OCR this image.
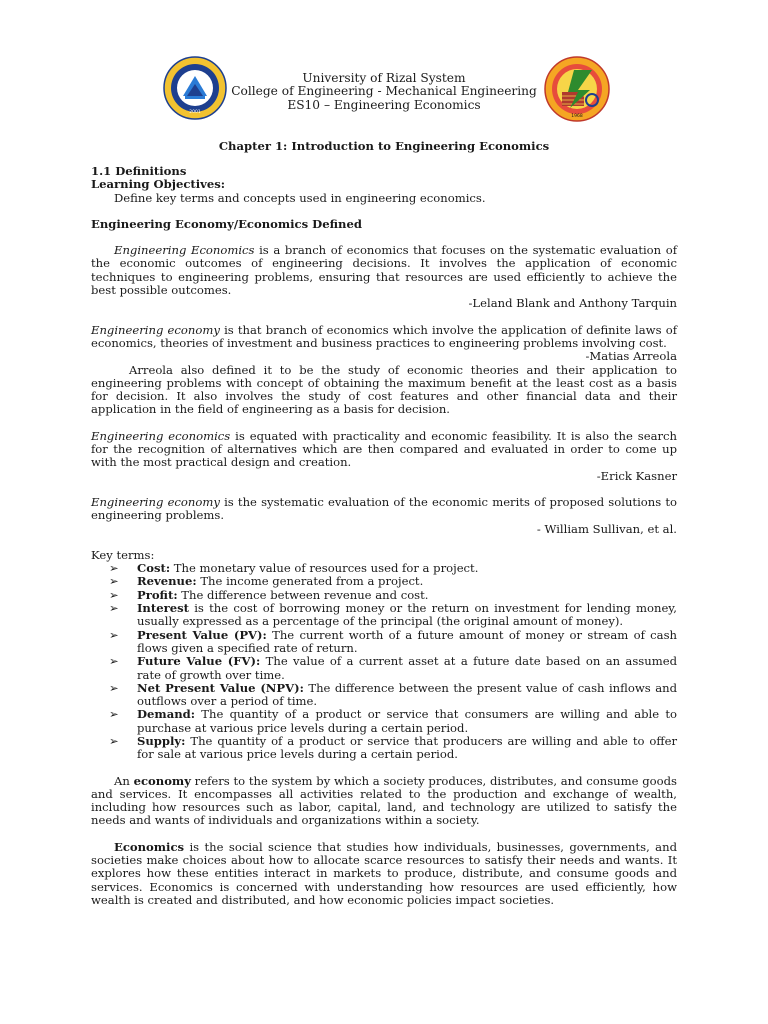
2001
1968
University of Rizal System
College of Engineering - Mechanical Engineering
ES10 – Engineering Economics
Chapter 1: Introduction to Engineering Economics

1.1 Definitions

Learning Objectives:

Define key terms and concepts used in engineering economics.

Engineering Economy/Economics Defined

Engineering Economics is a branch of economics that focuses on the systematic evaluation of the economic outcomes of engineering decisions. It involves the application of economic techniques to engineering problems, ensuring that resources are used efficiently to achieve the best possible outcomes.

-Leland Blank and Anthony Tarquin

Engineering economy is that branch of economics which involve the application of definite laws of economics, theories of investment and business practices to engineering problems involving cost.

-Matias Arreola

Arreola also defined it to be the study of economic theories and their application to engineering problems with concept of obtaining the maximum benefit at the least cost as a basis for decision. It also involves the study of cost features and other financial data and their application in the field of engineering as a basis for decision.

Engineering economics is equated with practicality and economic feasibility. It is also the search for the recognition of alternatives which are then compared and evaluated in order to come up with the most practical design and creation.

-Erick Kasner

Engineering economy is the systematic evaluation of the economic merits of proposed solutions to engineering problems.

- William Sullivan, et al.

Key terms:

➢ Cost: The monetary value of resources used for a project.
➢ Revenue: The income generated from a project.
➢ Profit: The difference between revenue and cost.
➢ Interest is the cost of borrowing money or the return on investment for lending money, usually expressed as a percentage of the principal (the original amount of money).
➢ Present Value (PV): The current worth of a future amount of money or stream of cash flows given a specified rate of return.
➢ Future Value (FV): The value of a current asset at a future date based on an assumed rate of growth over time.
➢ Net Present Value (NPV): The difference between the present value of cash inflows and outflows over a period of time.
➢ Demand: The quantity of a product or service that consumers are willing and able to purchase at various price levels during a certain period.
➢ Supply: The quantity of a product or service that producers are willing and able to offer for sale at various price levels during a certain period.

An economy refers to the system by which a society produces, distributes, and consume goods and services. It encompasses all activities related to the production and exchange of wealth, including how resources such as labor, capital, land, and technology are utilized to satisfy the needs and wants of individuals and organizations within a society.

Economics is the social science that studies how individuals, businesses, governments, and societies make choices about how to allocate scarce resources to satisfy their needs and wants. It explores how these entities interact in markets to produce, distribute, and consume goods and services. Economics is concerned with understanding how resources are used efficiently, how wealth is created and distributed, and how economic policies impact societies.
